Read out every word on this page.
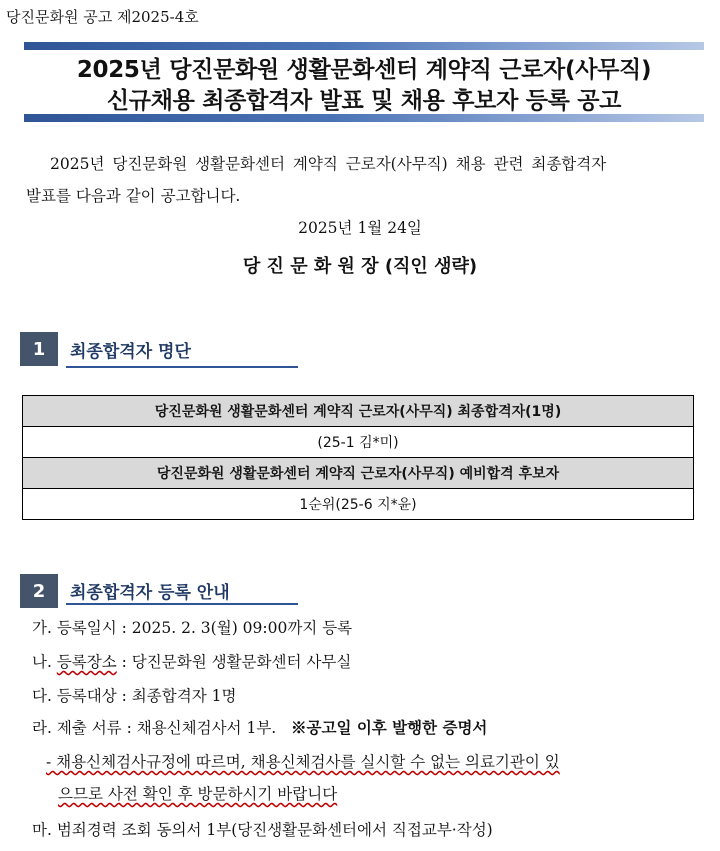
당진문화원 공고 제2025-4호
2025년 당진문화원 생활문화센터 계약직 근로자(사무직)
신규채용 최종합격자 발표 및 채용 후보자 등록 공고
2025년 당진문화원 생활문화센터 계약직 근로자(사무직) 채용 관련 최종합격자
발표를 다음과 같이 공고합니다.
2025년 1월 24일
당 진 문 화 원 장 (직인 생략)
1	최종합격자 명단
당진문화원 생활문화센터 계약직 근로자(사무직) 최종합격자(1명)
(25-1 김*미)
당진문화원 생활문화센터 계약직 근로자(사무직) 예비합격 후보자
1순위(25-6 지*윤)
2	최종합격자 등록 안내
가. 등록일시 : 2025. 2. 3(월) 09:00까지 등록
나. 등록장소 : 당진문화원 생활문화센터 사무실
다. 등록대상 : 최종합격자 1명
라. 제출 서류 : 채용신체검사서 1부. ※공고일 이후 발행한 증명서
- 채용신체검사규정에 따르며, 채용신체검사를 실시할 수 없는 의료기관이 있
으므로 사전 확인 후 방문하시기 바랍니다
마. 범죄경력 조회 동의서 1부(당진생활문화센터에서 직접교부·작성)
